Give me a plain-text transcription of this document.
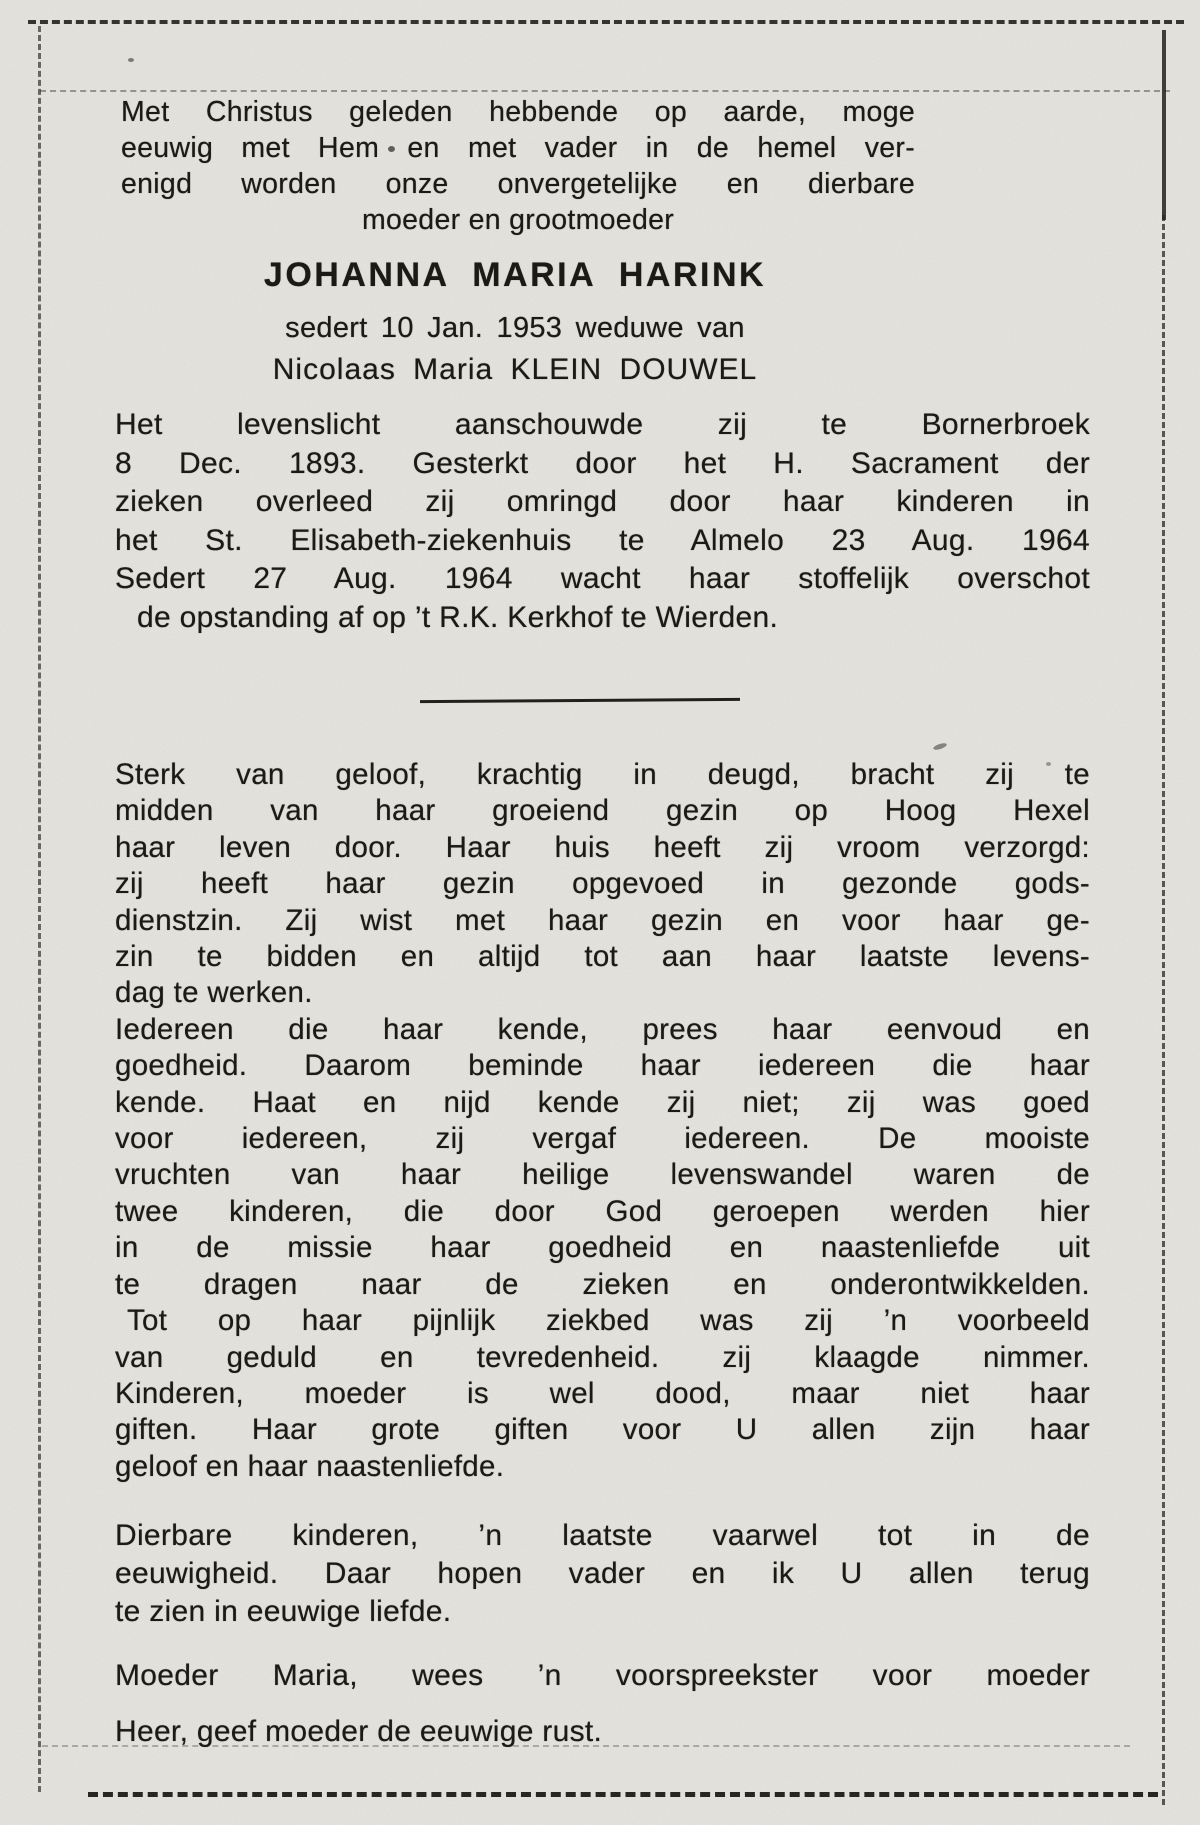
Met Christus geleden hebbende op aarde, moge
eeuwig met Hem en met vader in de hemel ver-
enigd worden onze onvergetelijke en dierbare
moeder en grootmoeder
JOHANNA MARIA HARINK
sedert 10 Jan. 1953 weduwe van
Nicolaas Maria KLEIN DOUWEL
Het levenslicht aanschouwde zij te Bornerbroek
8 Dec. 1893. Gesterkt door het H. Sacrament der
zieken overleed zij omringd door haar kinderen in
het St. Elisabeth-ziekenhuis te Almelo 23 Aug. 1964
Sedert 27 Aug. 1964 wacht haar stoffelijk overschot
de opstanding af op ’t R.K. Kerkhof te Wierden.
Sterk van geloof, krachtig in deugd, bracht zij te
midden van haar groeiend gezin op Hoog Hexel
haar leven door. Haar huis heeft zij vroom verzorgd:
zij heeft haar gezin opgevoed in gezonde gods-
dienstzin. Zij wist met haar gezin en voor haar ge-
zin te bidden en altijd tot aan haar laatste levens-
dag te werken.
Iedereen die haar kende, prees haar eenvoud en
goedheid. Daarom beminde haar iedereen die haar
kende. Haat en nijd kende zij niet; zij was goed
voor iedereen, zij vergaf iedereen. De mooiste
vruchten van haar heilige levenswandel waren de
twee kinderen, die door God geroepen werden hier
in de missie haar goedheid en naastenliefde uit
te dragen naar de zieken en onderontwikkelden.
Tot op haar pijnlijk ziekbed was zij ’n voorbeeld
van geduld en tevredenheid. zij klaagde nimmer.
Kinderen, moeder is wel dood, maar niet haar
giften. Haar grote giften voor U allen zijn haar
geloof en haar naastenliefde.
Dierbare kinderen, ’n laatste vaarwel tot in de
eeuwigheid. Daar hopen vader en ik U allen terug
te zien in eeuwige liefde.
Moeder Maria, wees ’n voorspreekster voor moeder
Heer, geef moeder de eeuwige rust.
